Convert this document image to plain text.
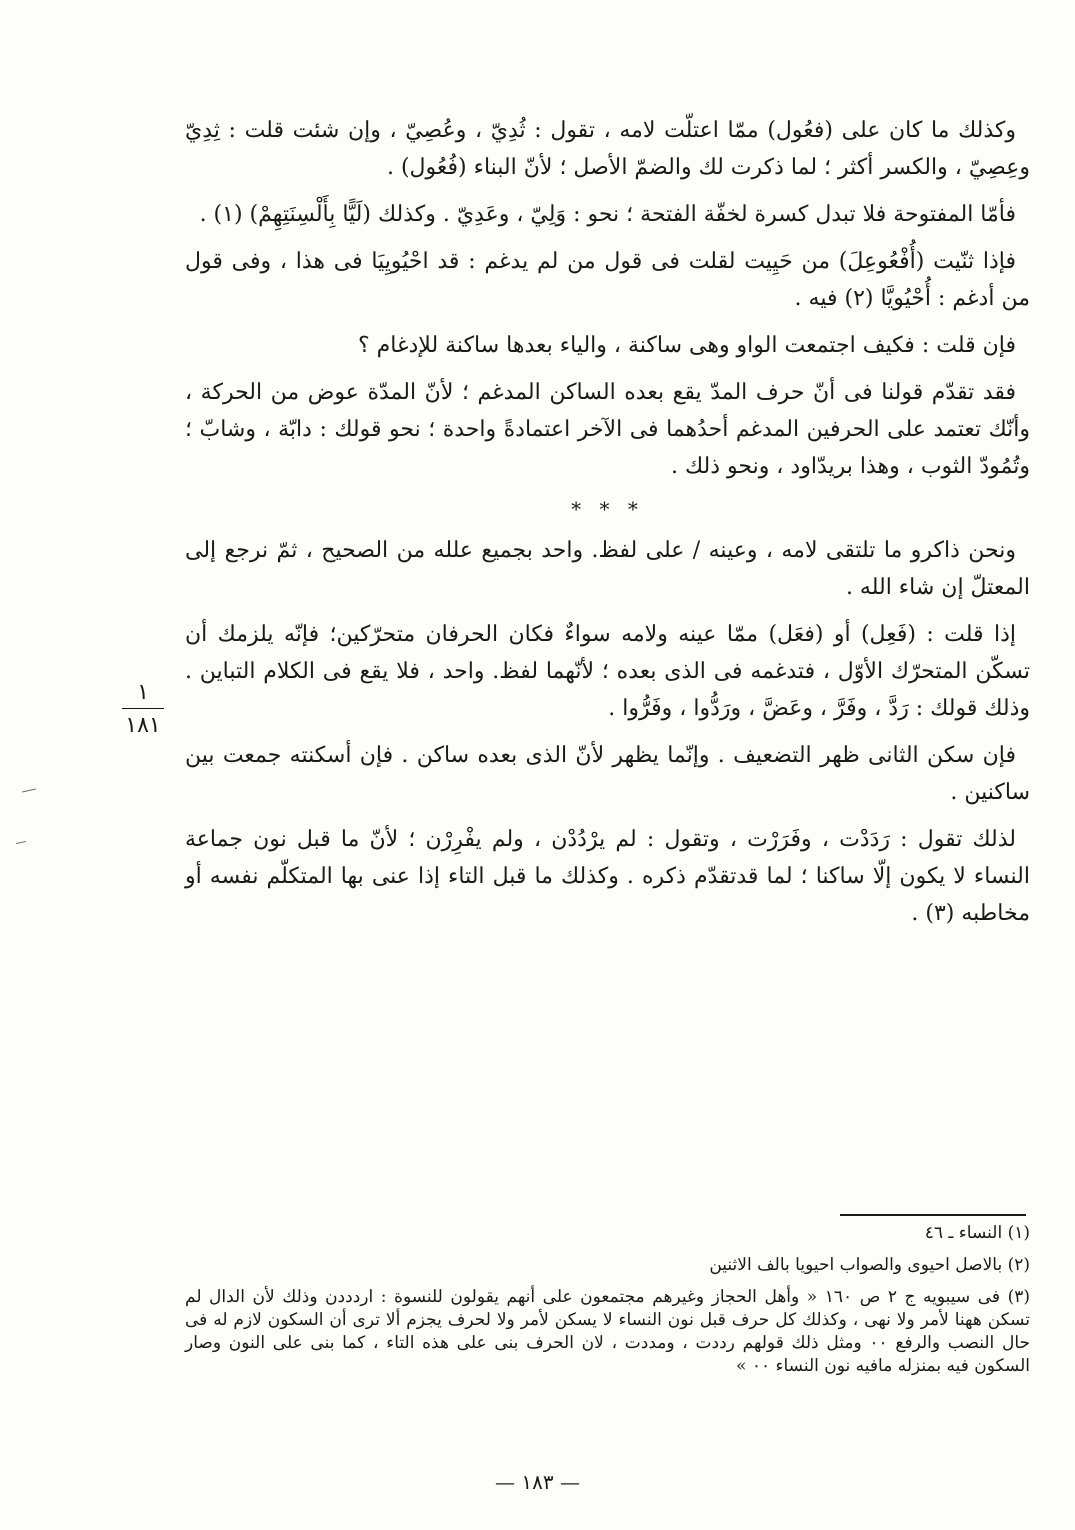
وكذلك ما كان على (فعُول) ممّا اعتلّت لامه ، تقول : ثُدِيّ ، وعُصِيّ ، وإن شئت قلت : ثِدِيّ وعِصِيّ ، والكسر أكثر ؛ لما ذكرت لك والضمّ الأصل ؛ لأنّ البناء (فُعُول) .

فأمّا المفتوحة فلا تبدل كسرة لخفّة الفتحة ؛ نحو : وَلِيّ ، وعَدِيّ . وكذلك (لَيًّا بِأَلْسِنَتِهِمْ) (١) .

فإذا ثنّيت (أُفْعُوعِلَ) من حَيِيت لقلت فى قول من لم يدغم : قد احْيُويِيَا فى هذا ، وفى قول من أدغم : أُحْيُويَّا (٢) فيه .

فإن قلت : فكيف اجتمعت الواو وهى ساكنة ، والياء بعدها ساكنة للإدغام ؟

فقد تقدّم قولنا فى أنّ حرف المدّ يقع بعده الساكن المدغم ؛ لأنّ المدّة عوض من الحركة ، وأنّك تعتمد على الحرفين المدغم أحدُهما فى الآخر اعتمادةً واحدة ؛ نحو قولك : دابّة ، وشابّ ؛ وتُمُودّ الثوب ، وهذا بريدّاود ، ونحو ذلك .

* * *

ونحن ذاكرو ما تلتقى لامه ، وعينه / على لفظ. واحد بجميع علله من الصحيح ، ثمّ نرجع إلى المعتلّ إن شاء الله .

إذا قلت : (فَعِل) أو (فعَل) ممّا عينه ولامه سواءٌ فكان الحرفان متحرّكين؛ فإنّه يلزمك أن تسكّن المتحرّك الأوّل ، فتدغمه فى الذى بعده ؛ لأنّهما لفظ. واحد ، فلا يقع فى الكلام التباين . وذلك قولك : رَدَّ ، وفَرَّ ، وعَضَّ ، ورَدُّوا ، وفَرُّوا .

فإن سكن الثانى ظهر التضعيف . وإنّما يظهر لأنّ الذى بعده ساكن . فإن أسكنته جمعت بين ساكنين .

لذلك تقول : رَدَدْت ، وفَرَرْت ، وتقول : لم يرْدُدْن ، ولم يفْرِرْن ؛ لأنّ ما قبل نون جماعة النساء لا يكون إلّا ساكنا ؛ لما قدتقدّم ذكره . وكذلك ما قبل التاء إذا عنى بها المتكلّم نفسه أو مخاطبه (٣) .

١
١٨١

(١) النساء ـ ٤٦

(٢) بالاصل احيوى والصواب احيويا بالف الاثنين

(٣) فى سيبويه ج ٢ ص ١٦٠ « وأهل الحجاز وغيرهم مجتمعون على أنهم يقولون للنسوة : اردددن وذلك لأن الدال لم تسكن ههنا لأمر ولا نهى ، وكذلك كل حرف قبل نون النساء لا يسكن لأمر ولا لحرف يجزم ألا ترى أن السكون لازم له فى حال النصب والرفع ٠٠ ومثل ذلك قولهم رددت ، ومددت ، لان الحرف بنى على هذه التاء ، كما بنى على النون وصار السكون فيه بمنزله مافيه نون النساء ٠٠ »

— ١٨٣ —
